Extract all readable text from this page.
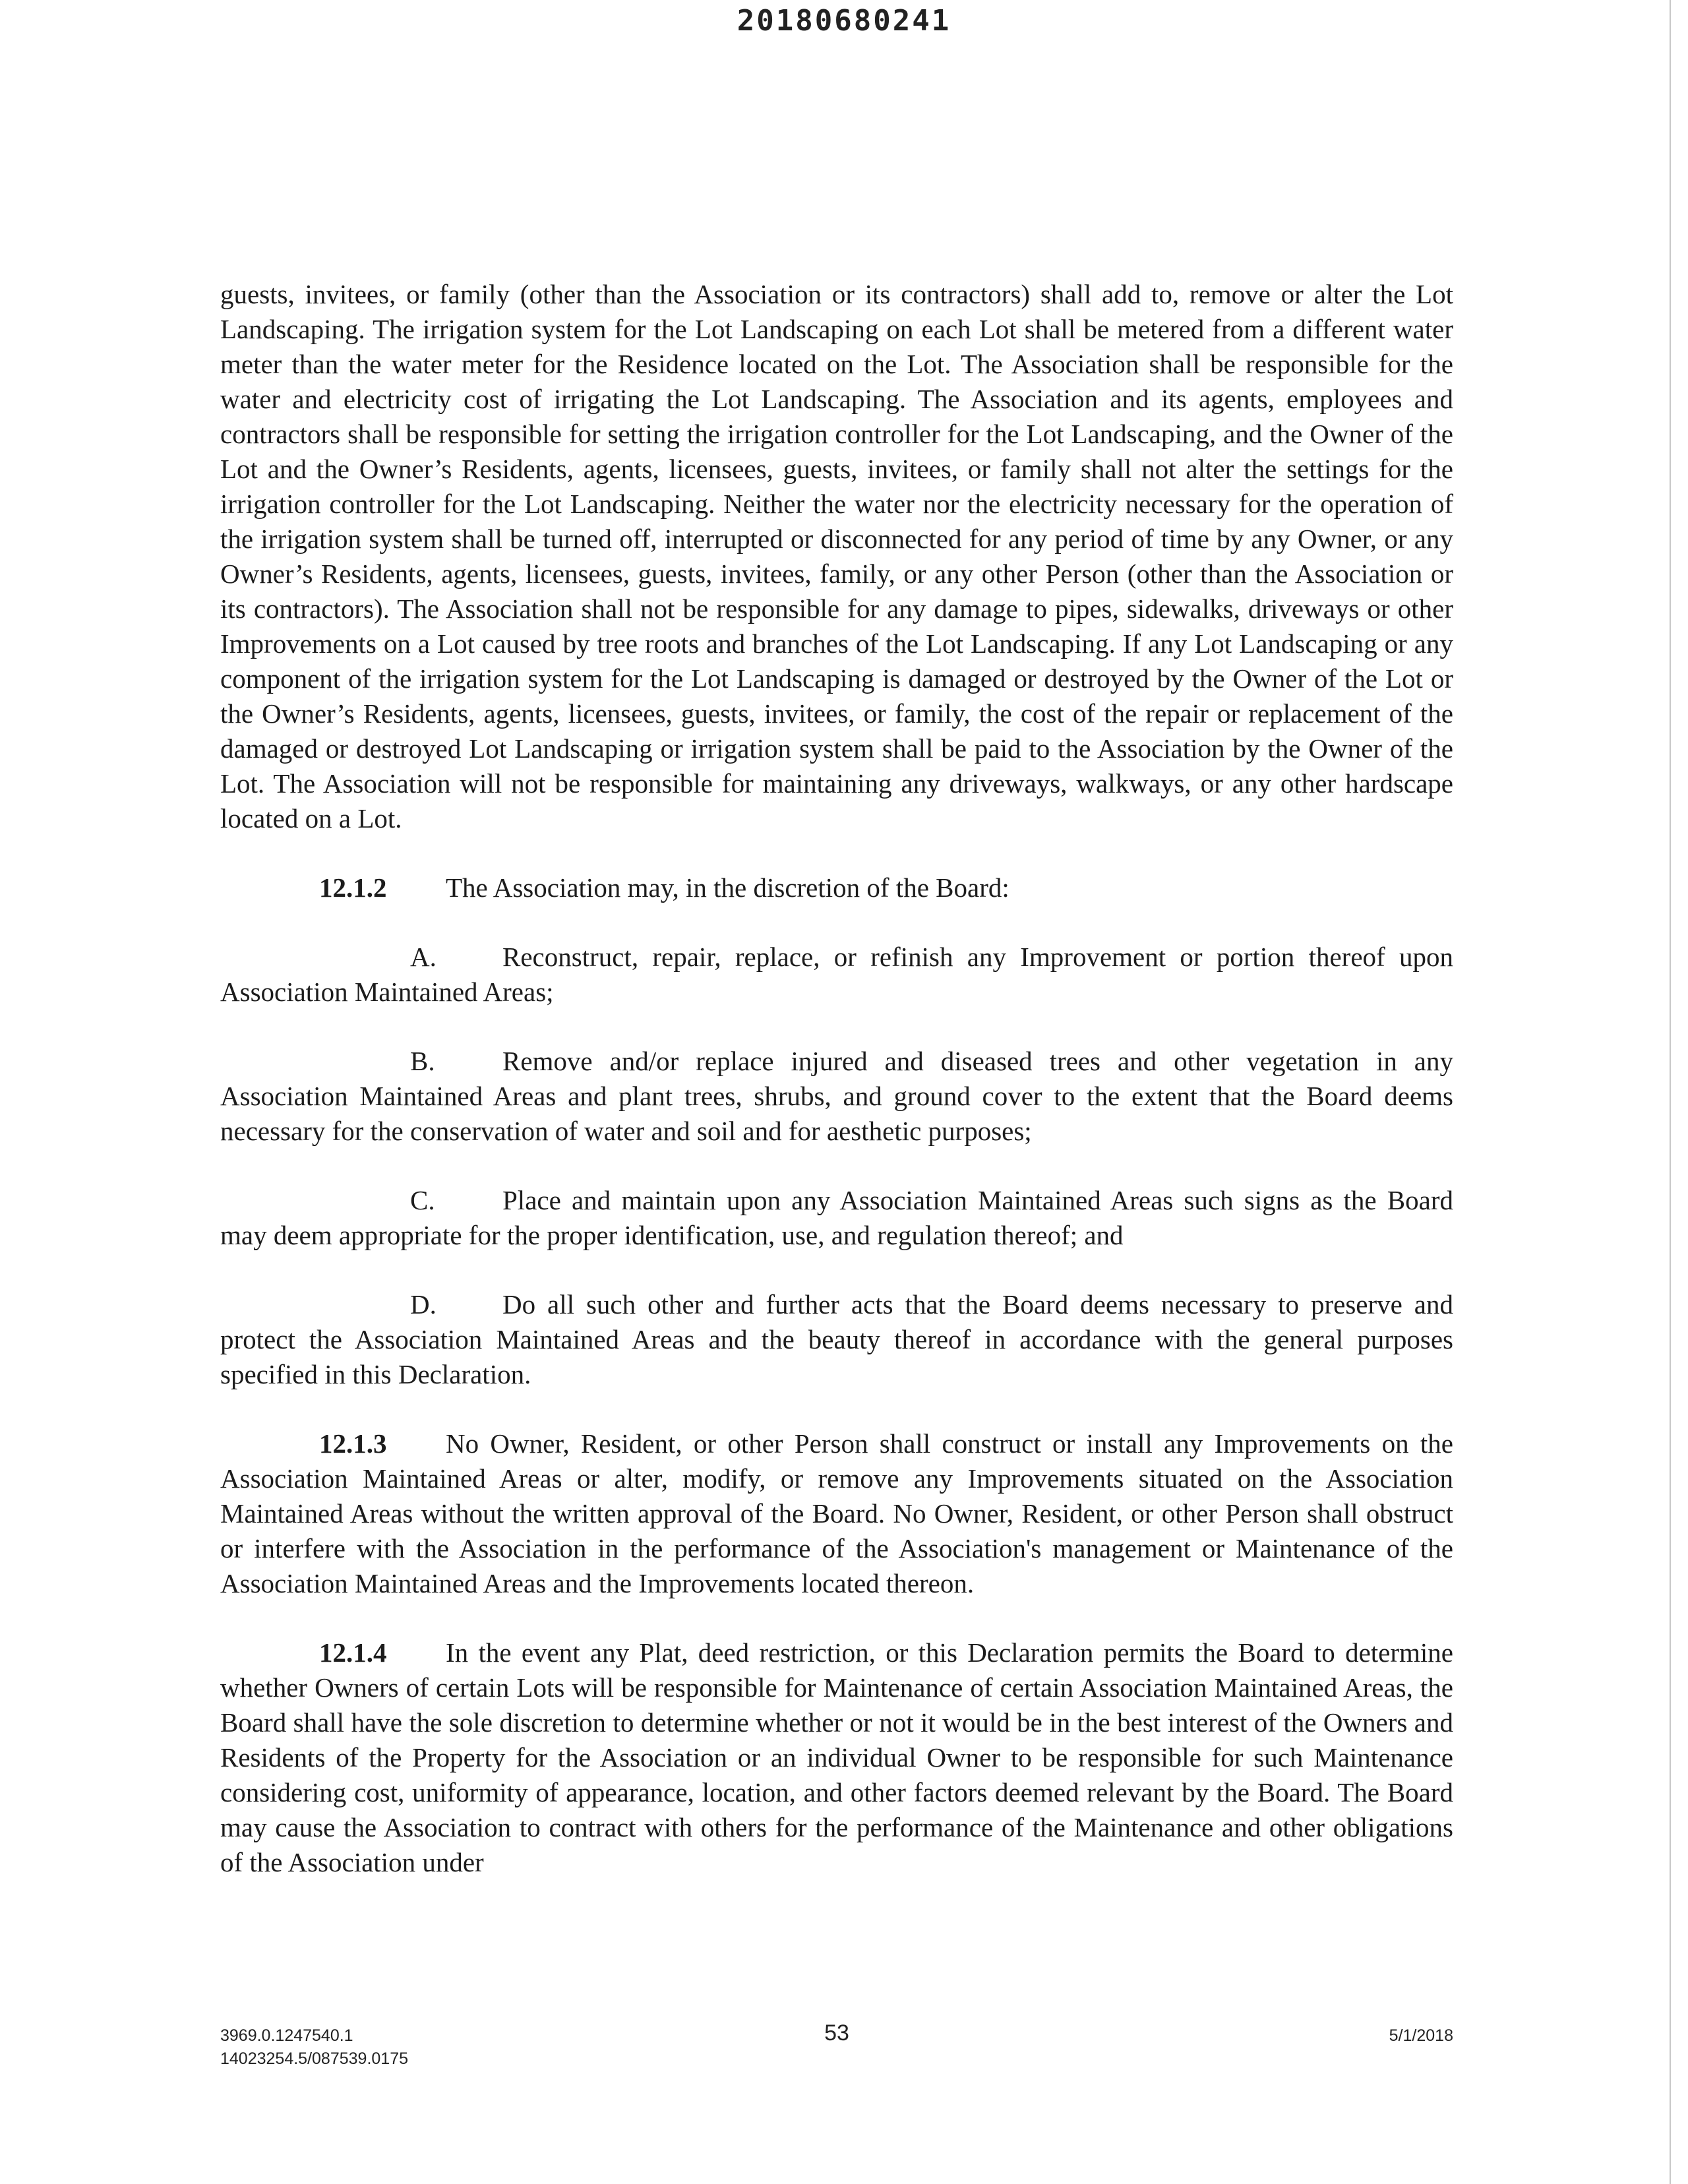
20180680241

guests, invitees, or family (other than the Association or its contractors) shall add to, remove or alter the Lot Landscaping. The irrigation system for the Lot Landscaping on each Lot shall be metered from a different water meter than the water meter for the Residence located on the Lot. The Association shall be responsible for the water and electricity cost of irrigating the Lot Landscaping. The Association and its agents, employees and contractors shall be responsible for setting the irrigation controller for the Lot Landscaping, and the Owner of the Lot and the Owner’s Residents, agents, licensees, guests, invitees, or family shall not alter the settings for the irrigation controller for the Lot Landscaping. Neither the water nor the electricity necessary for the operation of the irrigation system shall be turned off, interrupted or disconnected for any period of time by any Owner, or any Owner’s Residents, agents, licensees, guests, invitees, family, or any other Person (other than the Association or its contractors). The Association shall not be responsible for any damage to pipes, sidewalks, driveways or other Improvements on a Lot caused by tree roots and branches of the Lot Landscaping. If any Lot Landscaping or any component of the irrigation system for the Lot Landscaping is damaged or destroyed by the Owner of the Lot or the Owner’s Residents, agents, licensees, guests, invitees, or family, the cost of the repair or replacement of the damaged or destroyed Lot Landscaping or irrigation system shall be paid to the Association by the Owner of the Lot. The Association will not be responsible for maintaining any driveways, walkways, or any other hardscape located on a Lot.

12.1.2 The Association may, in the discretion of the Board:

A. Reconstruct, repair, replace, or refinish any Improvement or portion thereof upon Association Maintained Areas;

B. Remove and/or replace injured and diseased trees and other vegetation in any Association Maintained Areas and plant trees, shrubs, and ground cover to the extent that the Board deems necessary for the conservation of water and soil and for aesthetic purposes;

C. Place and maintain upon any Association Maintained Areas such signs as the Board may deem appropriate for the proper identification, use, and regulation thereof; and

D. Do all such other and further acts that the Board deems necessary to preserve and protect the Association Maintained Areas and the beauty thereof in accordance with the general purposes specified in this Declaration.

12.1.3 No Owner, Resident, or other Person shall construct or install any Improvements on the Association Maintained Areas or alter, modify, or remove any Improvements situated on the Association Maintained Areas without the written approval of the Board. No Owner, Resident, or other Person shall obstruct or interfere with the Association in the performance of the Association's management or Maintenance of the Association Maintained Areas and the Improvements located thereon.

12.1.4 In the event any Plat, deed restriction, or this Declaration permits the Board to determine whether Owners of certain Lots will be responsible for Maintenance of certain Association Maintained Areas, the Board shall have the sole discretion to determine whether or not it would be in the best interest of the Owners and Residents of the Property for the Association or an individual Owner to be responsible for such Maintenance considering cost, uniformity of appearance, location, and other factors deemed relevant by the Board. The Board may cause the Association to contract with others for the performance of the Maintenance and other obligations of the Association under

3969.0.1247540.1
14023254.5/087539.0175
53	5/1/2018
